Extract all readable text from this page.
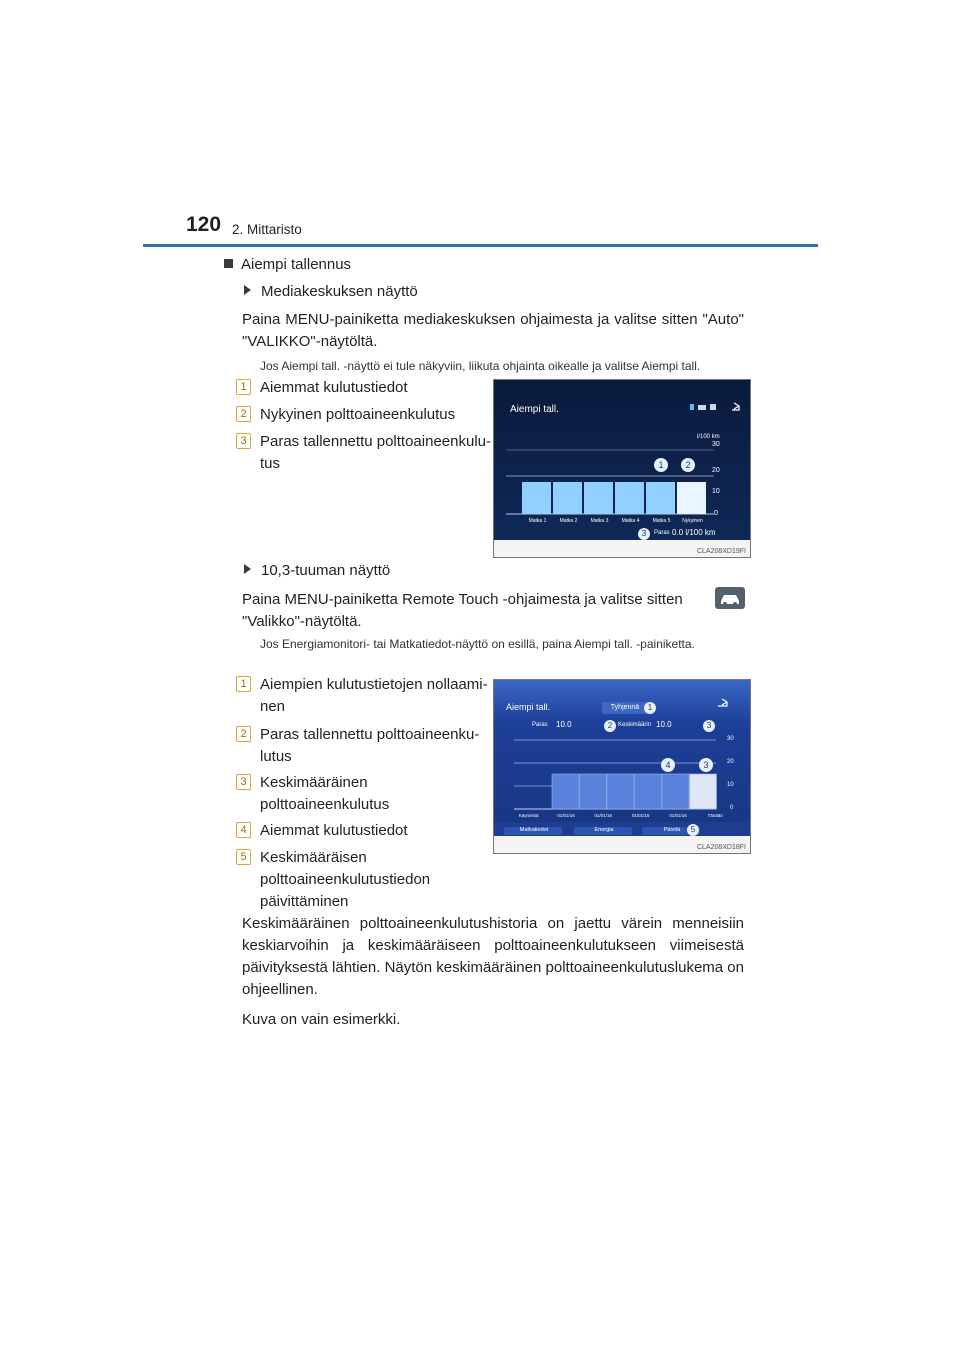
120 2. Mittaristo
Aiempi tallennus
Mediakeskuksen näyttö
Paina MENU-painiketta mediakeskuksen ohjaimesta ja valitse sitten "Auto" "VALIKKO"-näytöltä.
Jos Aiempi tall. -näyttö ei tule näkyviin, liikuta ohjainta oikealle ja valitse Aiempi tall.
1 Aiemmat kulutustiedot
2 Nykyinen polttoaineenkulutus
3 Paras tallennettu polttoaineenkulu-
tus
Aiempi tall.
l/100 km
30
20
10
0
Matka 1	Matka 2	Matka 3	Matka 4	Matka 5	Nykyinen
1	2
3	Paras 0.0 l/100 km
CLA208XD19FI
10,3-tuuman näyttö
Paina MENU-painiketta Remote Touch -ohjaimesta ja valitse sitten
"Valikko"-näytöltä.
Jos Energiamonitori- tai Matkatiedot-näyttö on esillä, paina Aiempi tall. -painiketta.
1 Aiempien kulutustietojen nollaami-
nen
2 Paras tallennettu polttoaineenku-
lutus
3 Keskimääräinen
polttoaineenkulutus
4 Aiemmat kulutustiedot
5 Keskimääräisen
polttoaineenkulutustiedon
päivittäminen
Aiempi tall.	Tyhjennä
Paras 10.0	Keskimäärin 10.0
30
20
10
0
Käynnistä	01/01/16	01/01/16	01/01/16	01/01/16	Tänään
Matkatiedot	Energia	Päivitä
1
2	3
4	3
5
CLA208XD18FI
Keskimääräinen polttoaineenkulutushistoria on jaettu värein menneisiin keskiarvoihin ja keskimääräiseen polttoaineenkulutukseen viimeisestä päivityksestä lähtien. Näytön keskimääräinen polttoaineenkulutuslukema on ohjeellinen.
Kuva on vain esimerkki.
